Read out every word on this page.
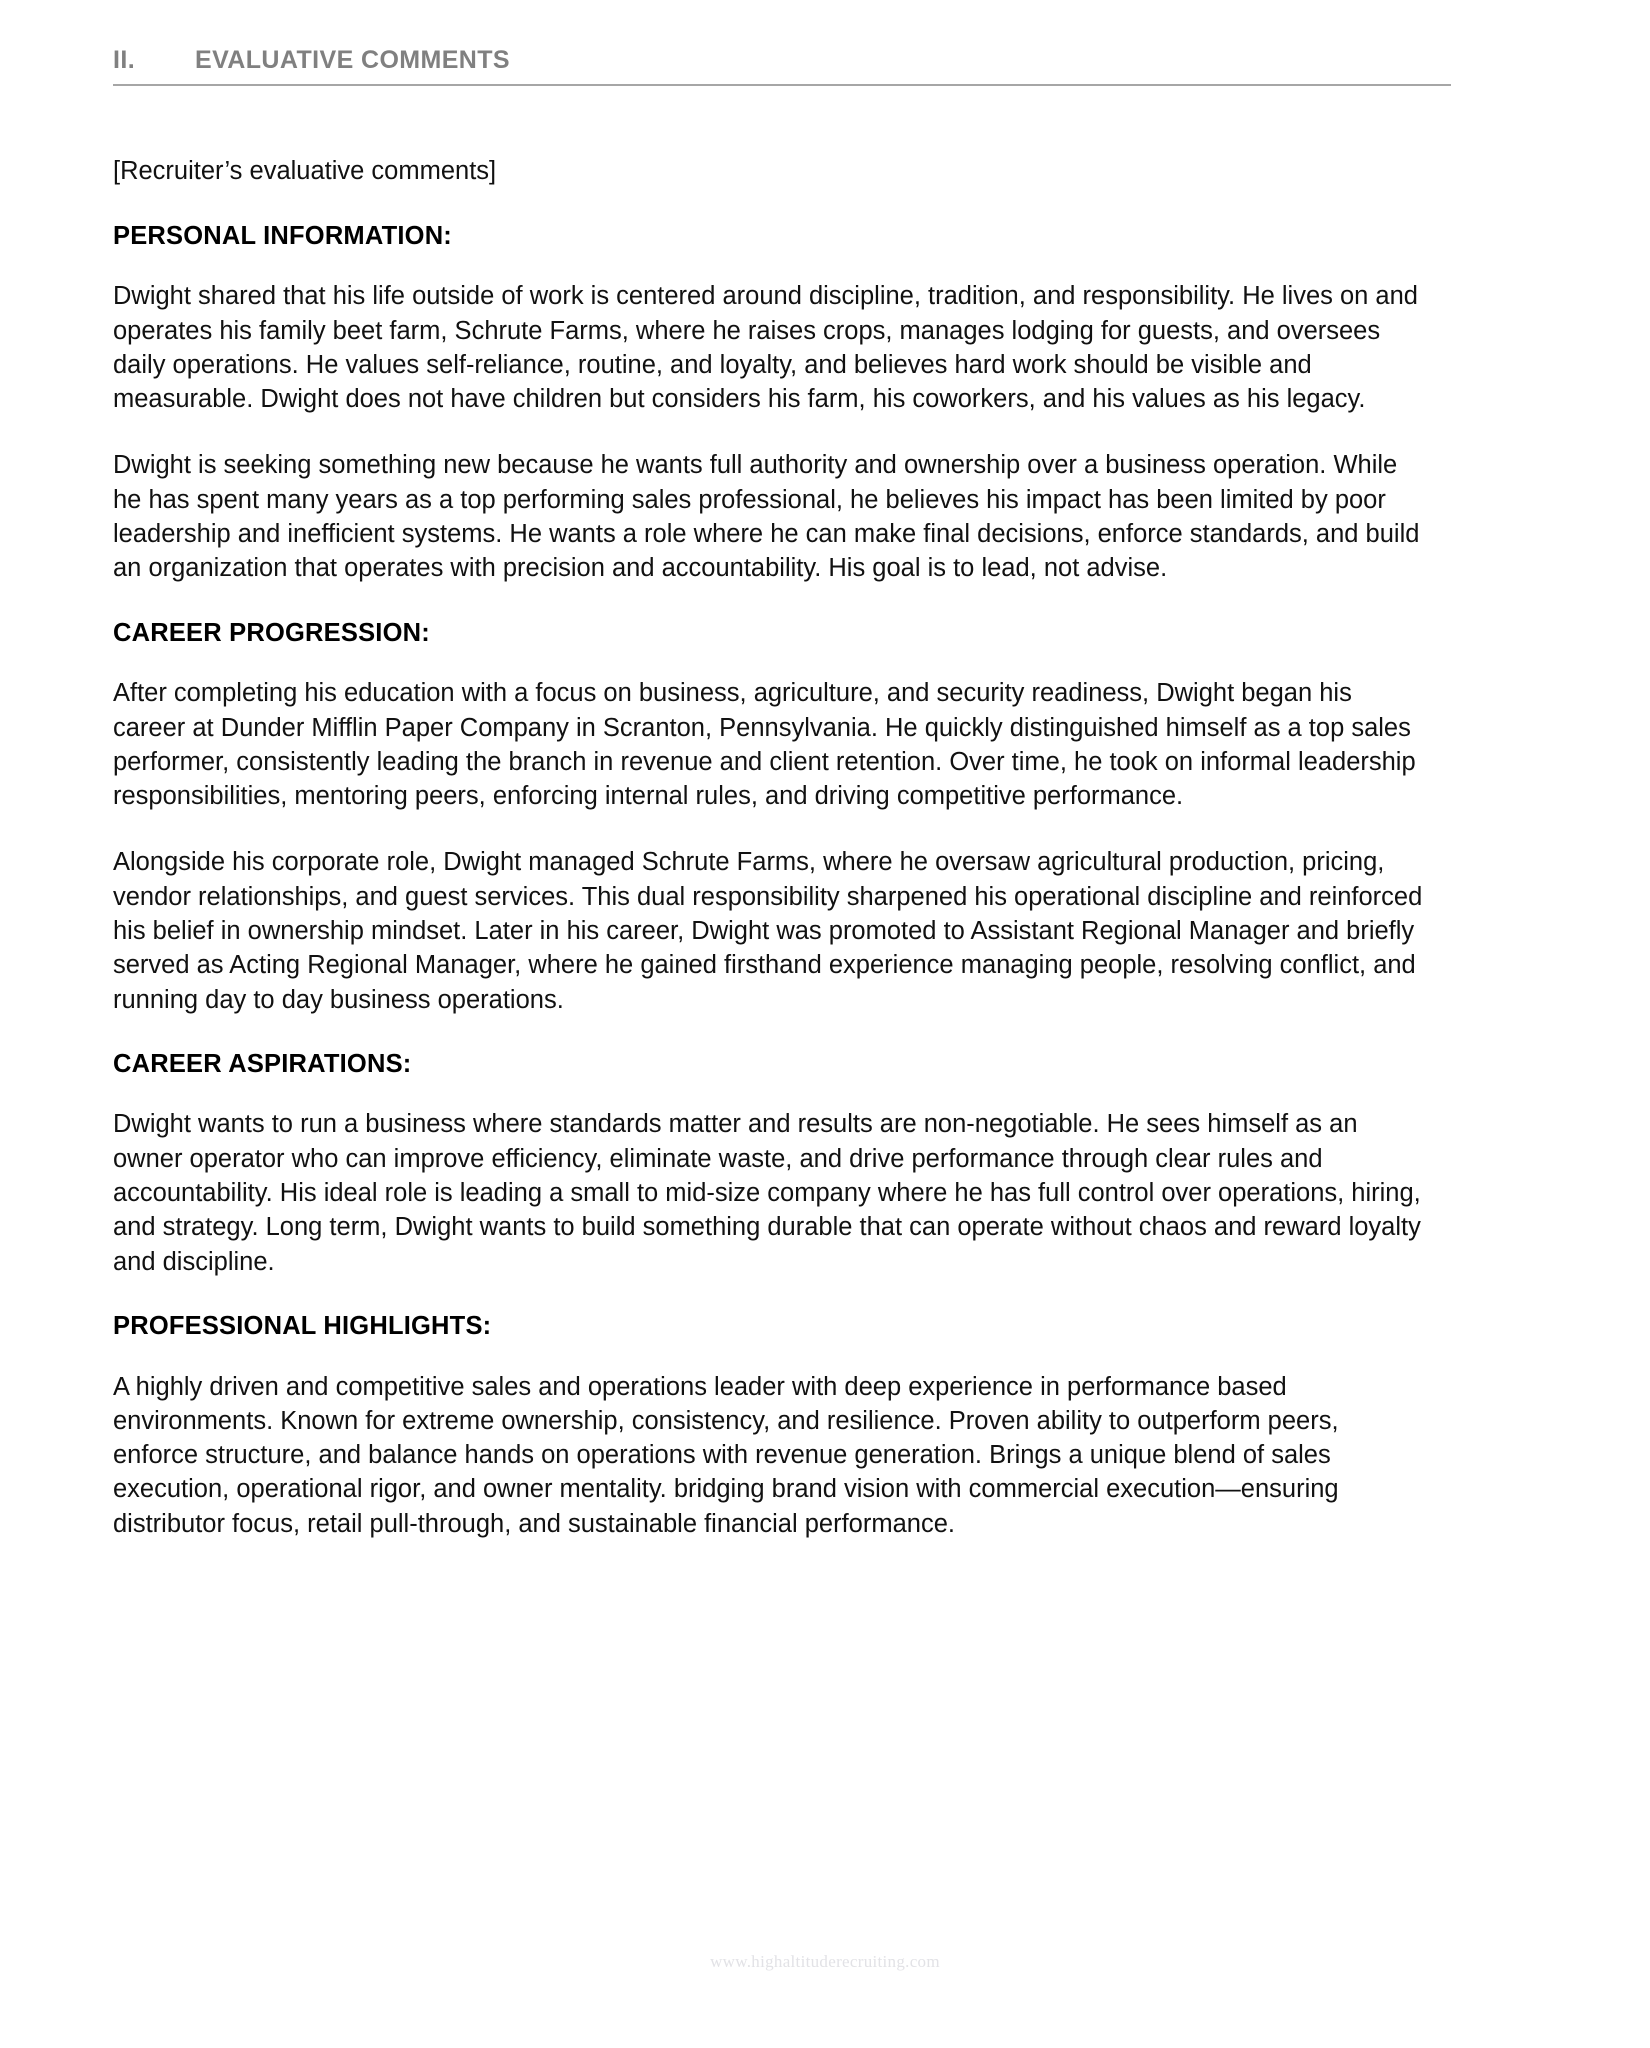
II.	EVALUATIVE COMMENTS

[Recruiter’s evaluative comments]

PERSONAL INFORMATION:

Dwight shared that his life outside of work is centered around discipline, tradition, and responsibility. He lives on and operates his family beet farm, Schrute Farms, where he raises crops, manages lodging for guests, and oversees daily operations. He values self-reliance, routine, and loyalty, and believes hard work should be visible and measurable. Dwight does not have children but considers his farm, his coworkers, and his values as his legacy.

Dwight is seeking something new because he wants full authority and ownership over a business operation. While he has spent many years as a top performing sales professional, he believes his impact has been limited by poor leadership and inefficient systems. He wants a role where he can make final decisions, enforce standards, and build an organization that operates with precision and accountability. His goal is to lead, not advise.

CAREER PROGRESSION:

After completing his education with a focus on business, agriculture, and security readiness, Dwight began his career at Dunder Mifflin Paper Company in Scranton, Pennsylvania. He quickly distinguished himself as a top sales performer, consistently leading the branch in revenue and client retention. Over time, he took on informal leadership responsibilities, mentoring peers, enforcing internal rules, and driving competitive performance.

Alongside his corporate role, Dwight managed Schrute Farms, where he oversaw agricultural production, pricing, vendor relationships, and guest services. This dual responsibility sharpened his operational discipline and reinforced his belief in ownership mindset. Later in his career, Dwight was promoted to Assistant Regional Manager and briefly served as Acting Regional Manager, where he gained firsthand experience managing people, resolving conflict, and running day to day business operations.

CAREER ASPIRATIONS:

Dwight wants to run a business where standards matter and results are non-negotiable. He sees himself as an owner operator who can improve efficiency, eliminate waste, and drive performance through clear rules and accountability. His ideal role is leading a small to mid-size company where he has full control over operations, hiring, and strategy. Long term, Dwight wants to build something durable that can operate without chaos and reward loyalty and discipline.

PROFESSIONAL HIGHLIGHTS:

A highly driven and competitive sales and operations leader with deep experience in performance based environments. Known for extreme ownership, consistency, and resilience. Proven ability to outperform peers, enforce structure, and balance hands on operations with revenue generation. Brings a unique blend of sales execution, operational rigor, and owner mentality. bridging brand vision with commercial execution—ensuring distributor focus, retail pull-through, and sustainable financial performance.

www.highaltituderecruiting.com
